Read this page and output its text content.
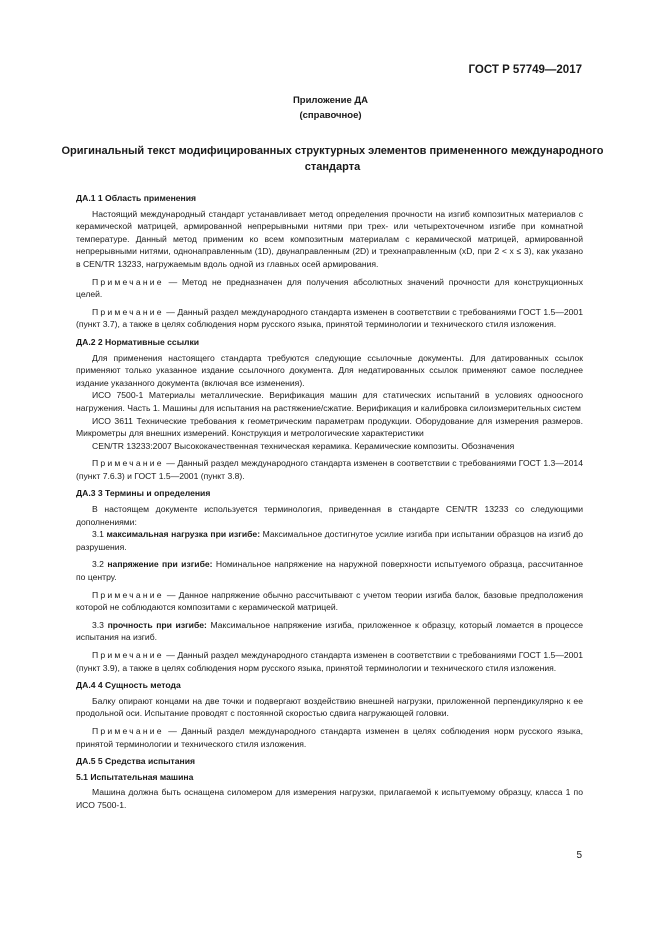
ГОСТ Р 57749—2017
Приложение ДА
(справочное)
Оригинальный текст модифицированных структурных элементов примененного международного стандарта

ДА.1 1 Область применения

Настоящий международный стандарт устанавливает метод определения прочности на изгиб композитных материалов с керамической матрицей, армированной непрерывными нитями при трех- или четырехточечном изгибе при комнатной температуре. Данный метод применим ко всем композитным материалам с керамической матрицей, армированной непрерывными нитями, однонаправленным (1D), двунаправленным (2D) и трехнаправленным (xD, при 2 < x ≤ 3), как указано в CEN/TR 13233, нагружаемым вдоль одной из главных осей армирования.

Примечание — Метод не предназначен для получения абсолютных значений прочности для конструкционных целей.

Примечание — Данный раздел международного стандарта изменен в соответствии с требованиями ГОСТ 1.5—2001 (пункт 3.7), а также в целях соблюдения норм русского языка, принятой терминологии и технического стиля изложения.

ДА.2 2 Нормативные ссылки

Для применения настоящего стандарта требуются следующие ссылочные документы. Для датированных ссылок применяют только указанное издание ссылочного документа. Для недатированных ссылок применяют самое последнее издание указанного документа (включая все изменения).

ИСО 7500-1 Материалы металлические. Верификация машин для статических испытаний в условиях одноосного нагружения. Часть 1. Машины для испытания на растяжение/сжатие. Верификация и калибровка силоизмерительных систем

ИСО 3611 Технические требования к геометрическим параметрам продукции. Оборудование для измерения размеров. Микрометры для внешних измерений. Конструкция и метрологические характеристики

CEN/TR 13233:2007 Высококачественная техническая керамика. Керамические композиты. Обозначения

Примечание — Данный раздел международного стандарта изменен в соответствии с требованиями ГОСТ 1.3—2014 (пункт 7.6.3) и ГОСТ 1.5—2001 (пункт 3.8).

ДА.3 3 Термины и определения

В настоящем документе используется терминология, приведенная в стандарте CEN/TR 13233 со следующими дополнениями:

3.1 максимальная нагрузка при изгибе: Максимальное достигнутое усилие изгиба при испытании образцов на изгиб до разрушения.

3.2 напряжение при изгибе: Номинальное напряжение на наружной поверхности испытуемого образца, рассчитанное по центру.

Примечание — Данное напряжение обычно рассчитывают с учетом теории изгиба балок, базовые предположения которой не соблюдаются композитами с керамической матрицей.

3.3 прочность при изгибе: Максимальное напряжение изгиба, приложенное к образцу, который ломается в процессе испытания на изгиб.

Примечание — Данный раздел международного стандарта изменен в соответствии с требованиями ГОСТ 1.5—2001 (пункт 3.9), а также в целях соблюдения норм русского языка, принятой терминологии и технического стиля изложения.

ДА.4 4 Сущность метода

Балку опирают концами на две точки и подвергают воздействию внешней нагрузки, приложенной перпендикулярно к ее продольной оси. Испытание проводят с постоянной скоростью сдвига нагружающей головки.

Примечание — Данный раздел международного стандарта изменен в целях соблюдения норм русского языка, принятой терминологии и технического стиля изложения.

ДА.5 5 Средства испытания

5.1 Испытательная машина

Машина должна быть оснащена силомером для измерения нагрузки, прилагаемой к испытуемому образцу, класса 1 по ИСО 7500-1.

5
